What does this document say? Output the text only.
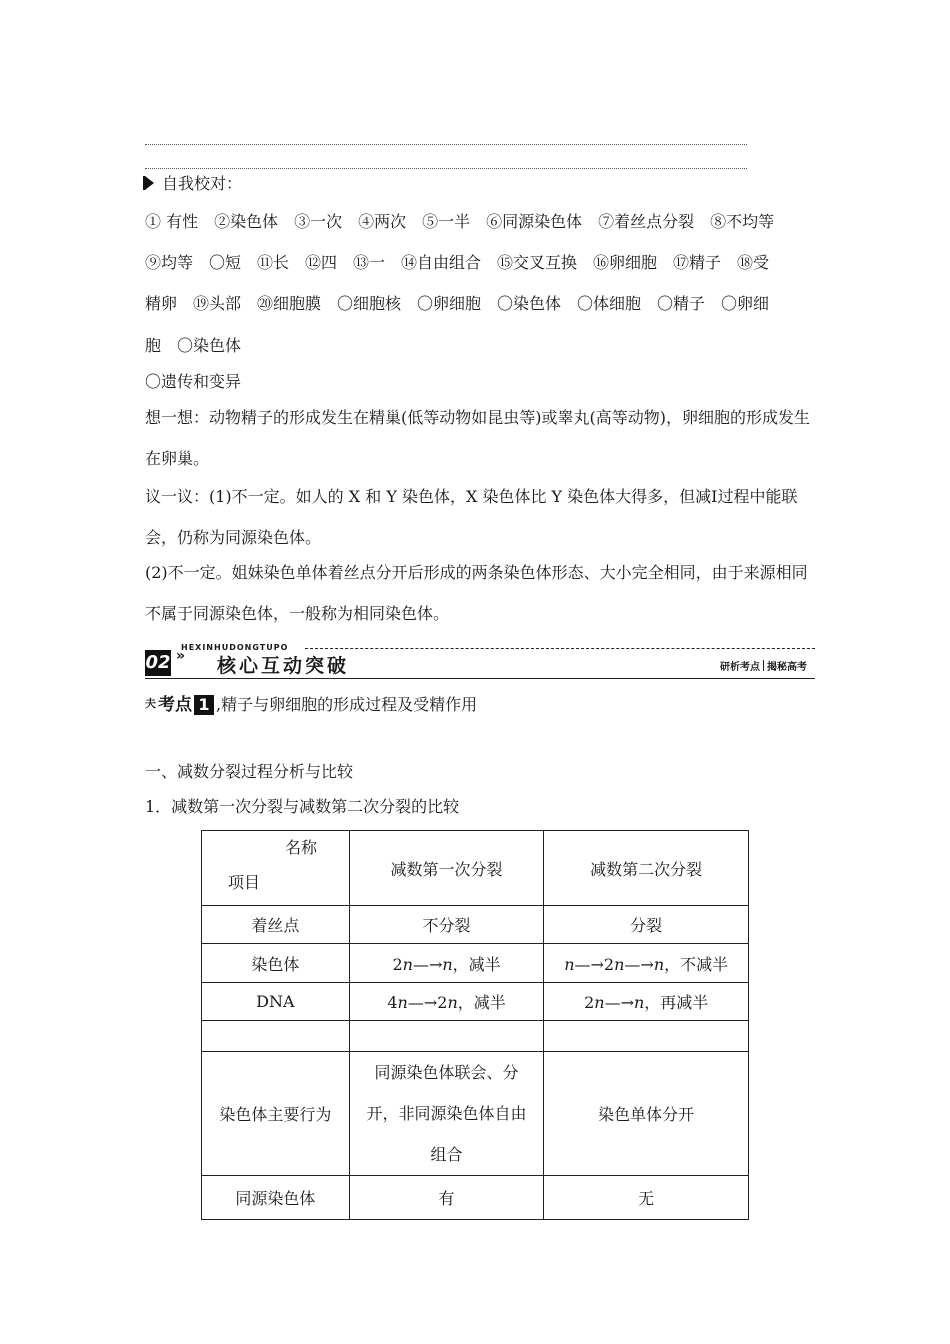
自我校对：
① 有性　②染色体　③一次　④两次　⑤一半　⑥同源染色体　⑦着丝点分裂　⑧不均等
⑨均等　〇短　⑪长　⑫四　⑬一　⑭自由组合　⑮交叉互换　⑯卵细胞　⑰精子　⑱受
精卵　⑲头部　⑳细胞膜　〇细胞核　〇卵细胞　〇染色体　〇体细胞　〇精子　〇卵细
胞　〇染色体
〇遗传和变异
想一想：动物精子的形成发生在精巢(低等动物如昆虫等)或睾丸(高等动物)，卵细胞的形成发生在卵巢。
议一议：(1)不一定。如人的 X 和 Y 染色体，X 染色体比 Y 染色体大得多，但减Ⅰ过程中能联会，仍称为同源染色体。
(2)不一定。姐妹染色单体着丝点分开后形成的两条染色体形态、大小完全相同，由于来源相同不属于同源染色体，一般称为相同染色体。
HEXINHUDONGTUPO
02 » 核心互动突破	研析考点 揭秘高考
夫 考点 1 ,精子与卵细胞的形成过程及受精作用
一、减数分裂过程分析与比较
1．减数第一次分裂与减数第二次分裂的比较
名称
项目	减数第一次分裂	减数第二次分裂
着丝点	不分裂	分裂
染色体	2n—→n，减半	n—→2n—→n，不减半
DNA	4n—→2n，减半	2n—→n，再减半

染色体主要行为	同源染色体联会、分
开，非同源染色体自由
组合	染色单体分开
同源染色体	有	无
